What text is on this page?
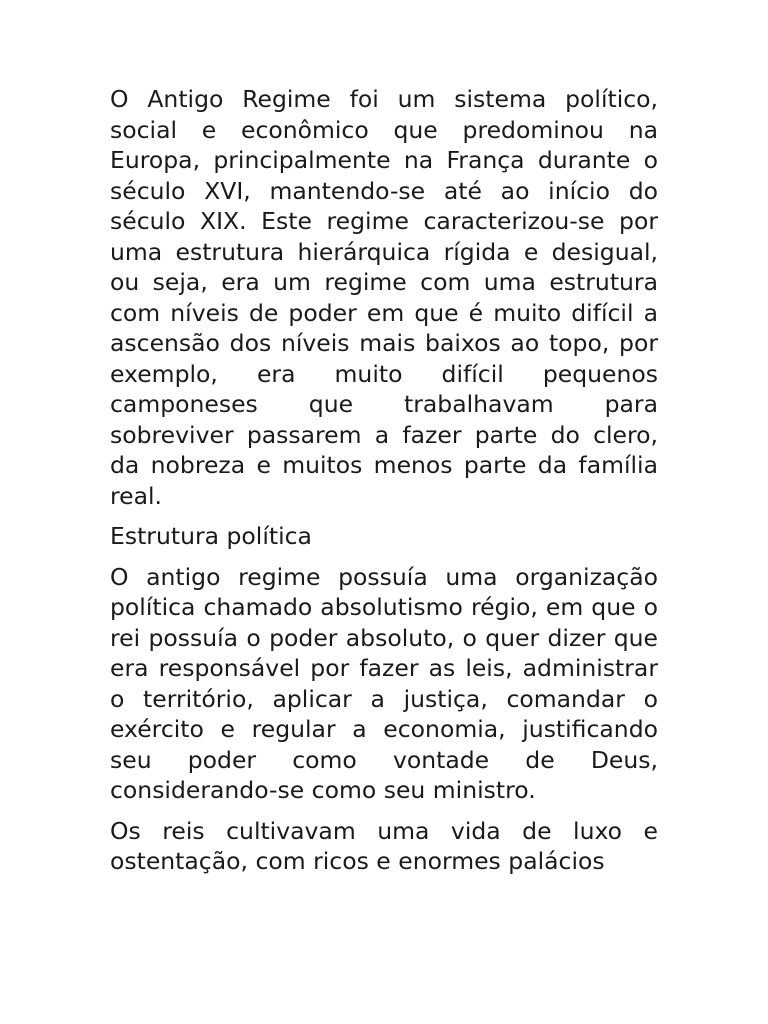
O Antigo Regime foi um sistema político, social e econômico que predominou na Europa, principalmente na França durante o século XVI, mantendo-se até ao início do século XIX. Este regime caracterizou-se por uma estrutura hierárquica rígida e desigual, ou seja, era um regime com uma estrutura com níveis de poder em que é muito difícil a ascensão dos níveis mais baixos ao topo, por exemplo, era muito difícil pequenos camponeses que trabalhavam para sobreviver passarem a fazer parte do clero, da nobreza e muitos menos parte da família real.

Estrutura política

O antigo regime possuía uma organização política chamado absolutismo régio, em que o rei possuía o poder absoluto, o quer dizer que era responsável por fazer as leis, administrar o território, aplicar a justiça, comandar o exército e regular a economia, justificando seu poder como vontade de Deus, considerando-se como seu ministro.

Os reis cultivavam uma vida de luxo e ostentação, com ricos e enormes palácios
